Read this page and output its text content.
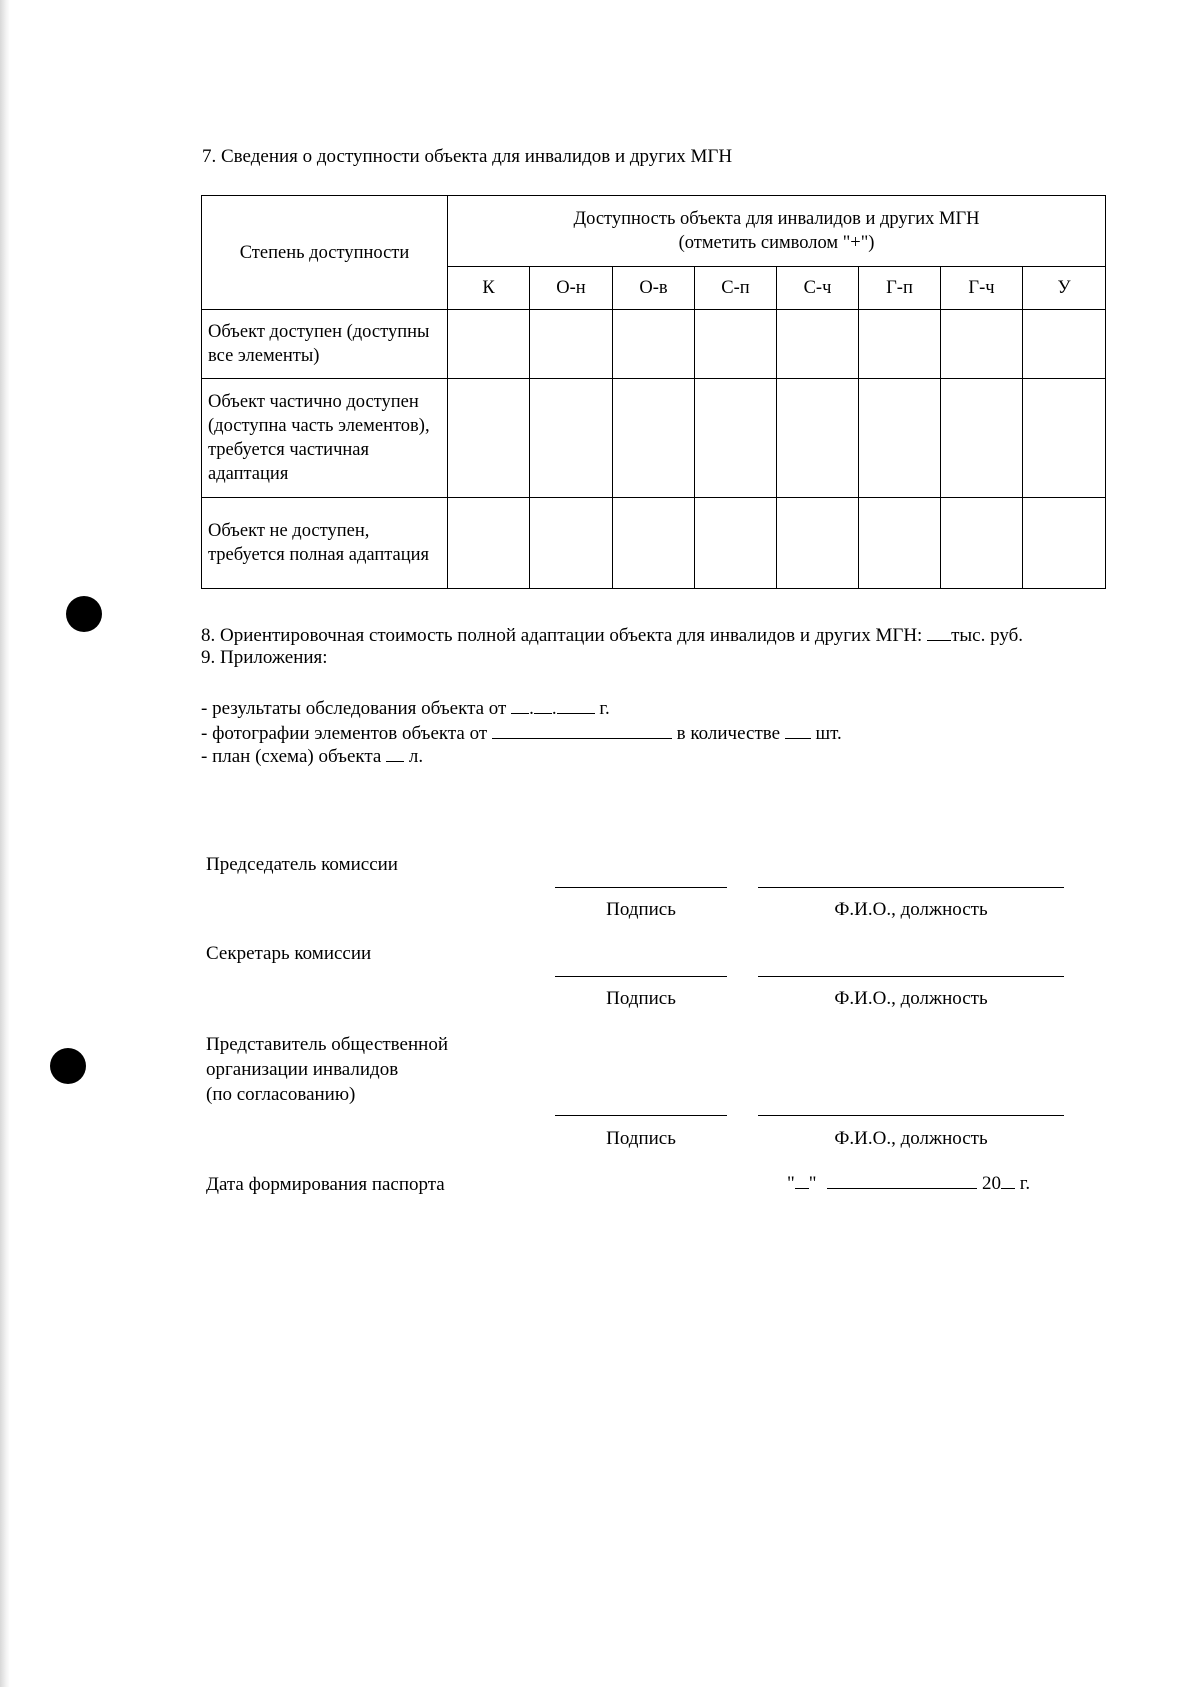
7. Сведения о доступности объекта для инвалидов и других МГН
Степень доступности	Доступность объекта для инвалидов и других МГН
(отметить символом "+")							

	К	О-н	О-в	С-п	С-ч	Г-п	Г-ч	У
Объект доступен (доступны все элементы)								
Объект частично доступен (доступна часть элементов), требуется частичная адаптация								
Объект не доступен, требуется полная адаптация								
8. Ориентировочная стоимость полной адаптации объекта для инвалидов и других МГН: тыс. руб.
9. Приложения:
- результаты обследования объекта от . . г.
- фотографии элементов объекта от	в количестве шт.
- план (схема) объекта л.
Председатель комиссии
Подпись	Ф.И.О., должность
Секретарь комиссии
Подпись	Ф.И.О., должность
Представитель общественной
организации инвалидов
(по согласованию)
Подпись	Ф.И.О., должность
Дата формирования паспорта	" "	20 г.
